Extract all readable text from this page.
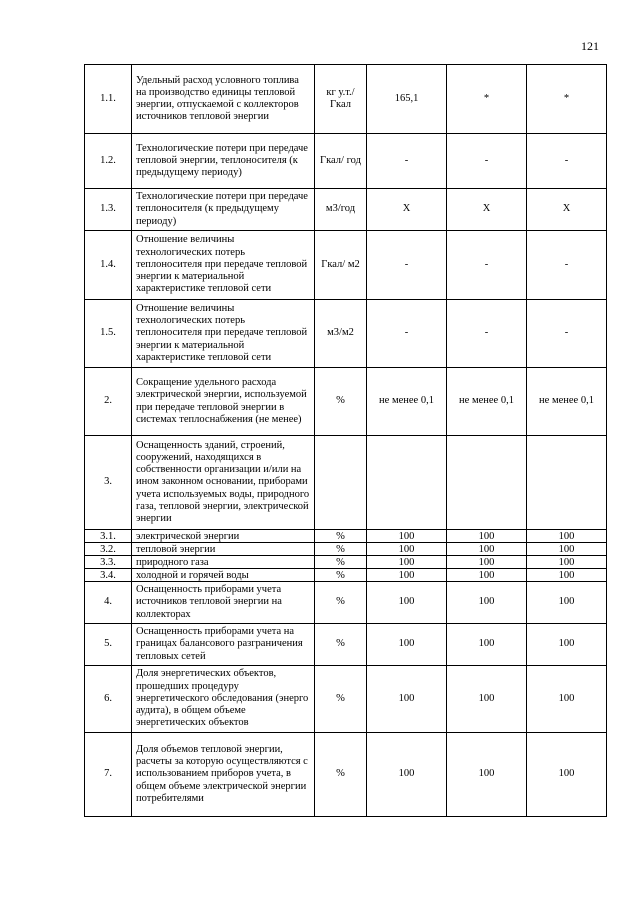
121
1.1.	Удельный расход условного топлива на производство единицы тепловой энергии, отпускаемой с коллекторов источников тепловой энергии	кг у.т./ Гкал	165,1	*	*
1.2.	Технологические потери при передаче тепловой энергии, теплоносителя (к предыдущему периоду)	Гкал/ год	-	-	-
1.3.	Технологические потери при передаче теплоносителя (к предыдущему периоду)	м3/год	Х	Х	Х
1.4.	Отношение величины технологических потерь теплоносителя при передаче тепловой энергии к материальной характеристике тепловой сети	Гкал/ м2	-	-	-
1.5.	Отношение величины технологических потерь теплоносителя при передаче тепловой энергии к материальной характеристике тепловой сети	м3/м2	-	-	-
2.	Сокращение удельного расхода электрической энергии, используемой при передаче тепловой энергии в системах теплоснабжения (не менее)	%	не менее 0,1	не менее 0,1	не менее 0,1
3.	Оснащенность зданий, строений, сооружений, находящихся в собственности организации и/или на ином законном основании, приборами учета используемых воды, природного газа, тепловой энергии, электрической энергии				
3.1.	электрической энергии	%	100	100	100
3.2.	тепловой энергии	%	100	100	100
3.3.	природного газа	%	100	100	100
3.4.	холодной и горячей воды	%	100	100	100
4.	Оснащенность приборами учета источников тепловой энергии на коллекторах	%	100	100	100
5.	Оснащенность приборами учета на границах балансового разграничения тепловых сетей	%	100	100	100
6.	Доля энергетических объектов, прошедших процедуру энергетического обследования (энерго аудита), в общем объеме энергетических объектов	%	100	100	100
7.	Доля объемов тепловой энергии, расчеты за которую осуществляются с использованием приборов учета, в общем объеме электрической энергии потребителями	%	100	100	100
